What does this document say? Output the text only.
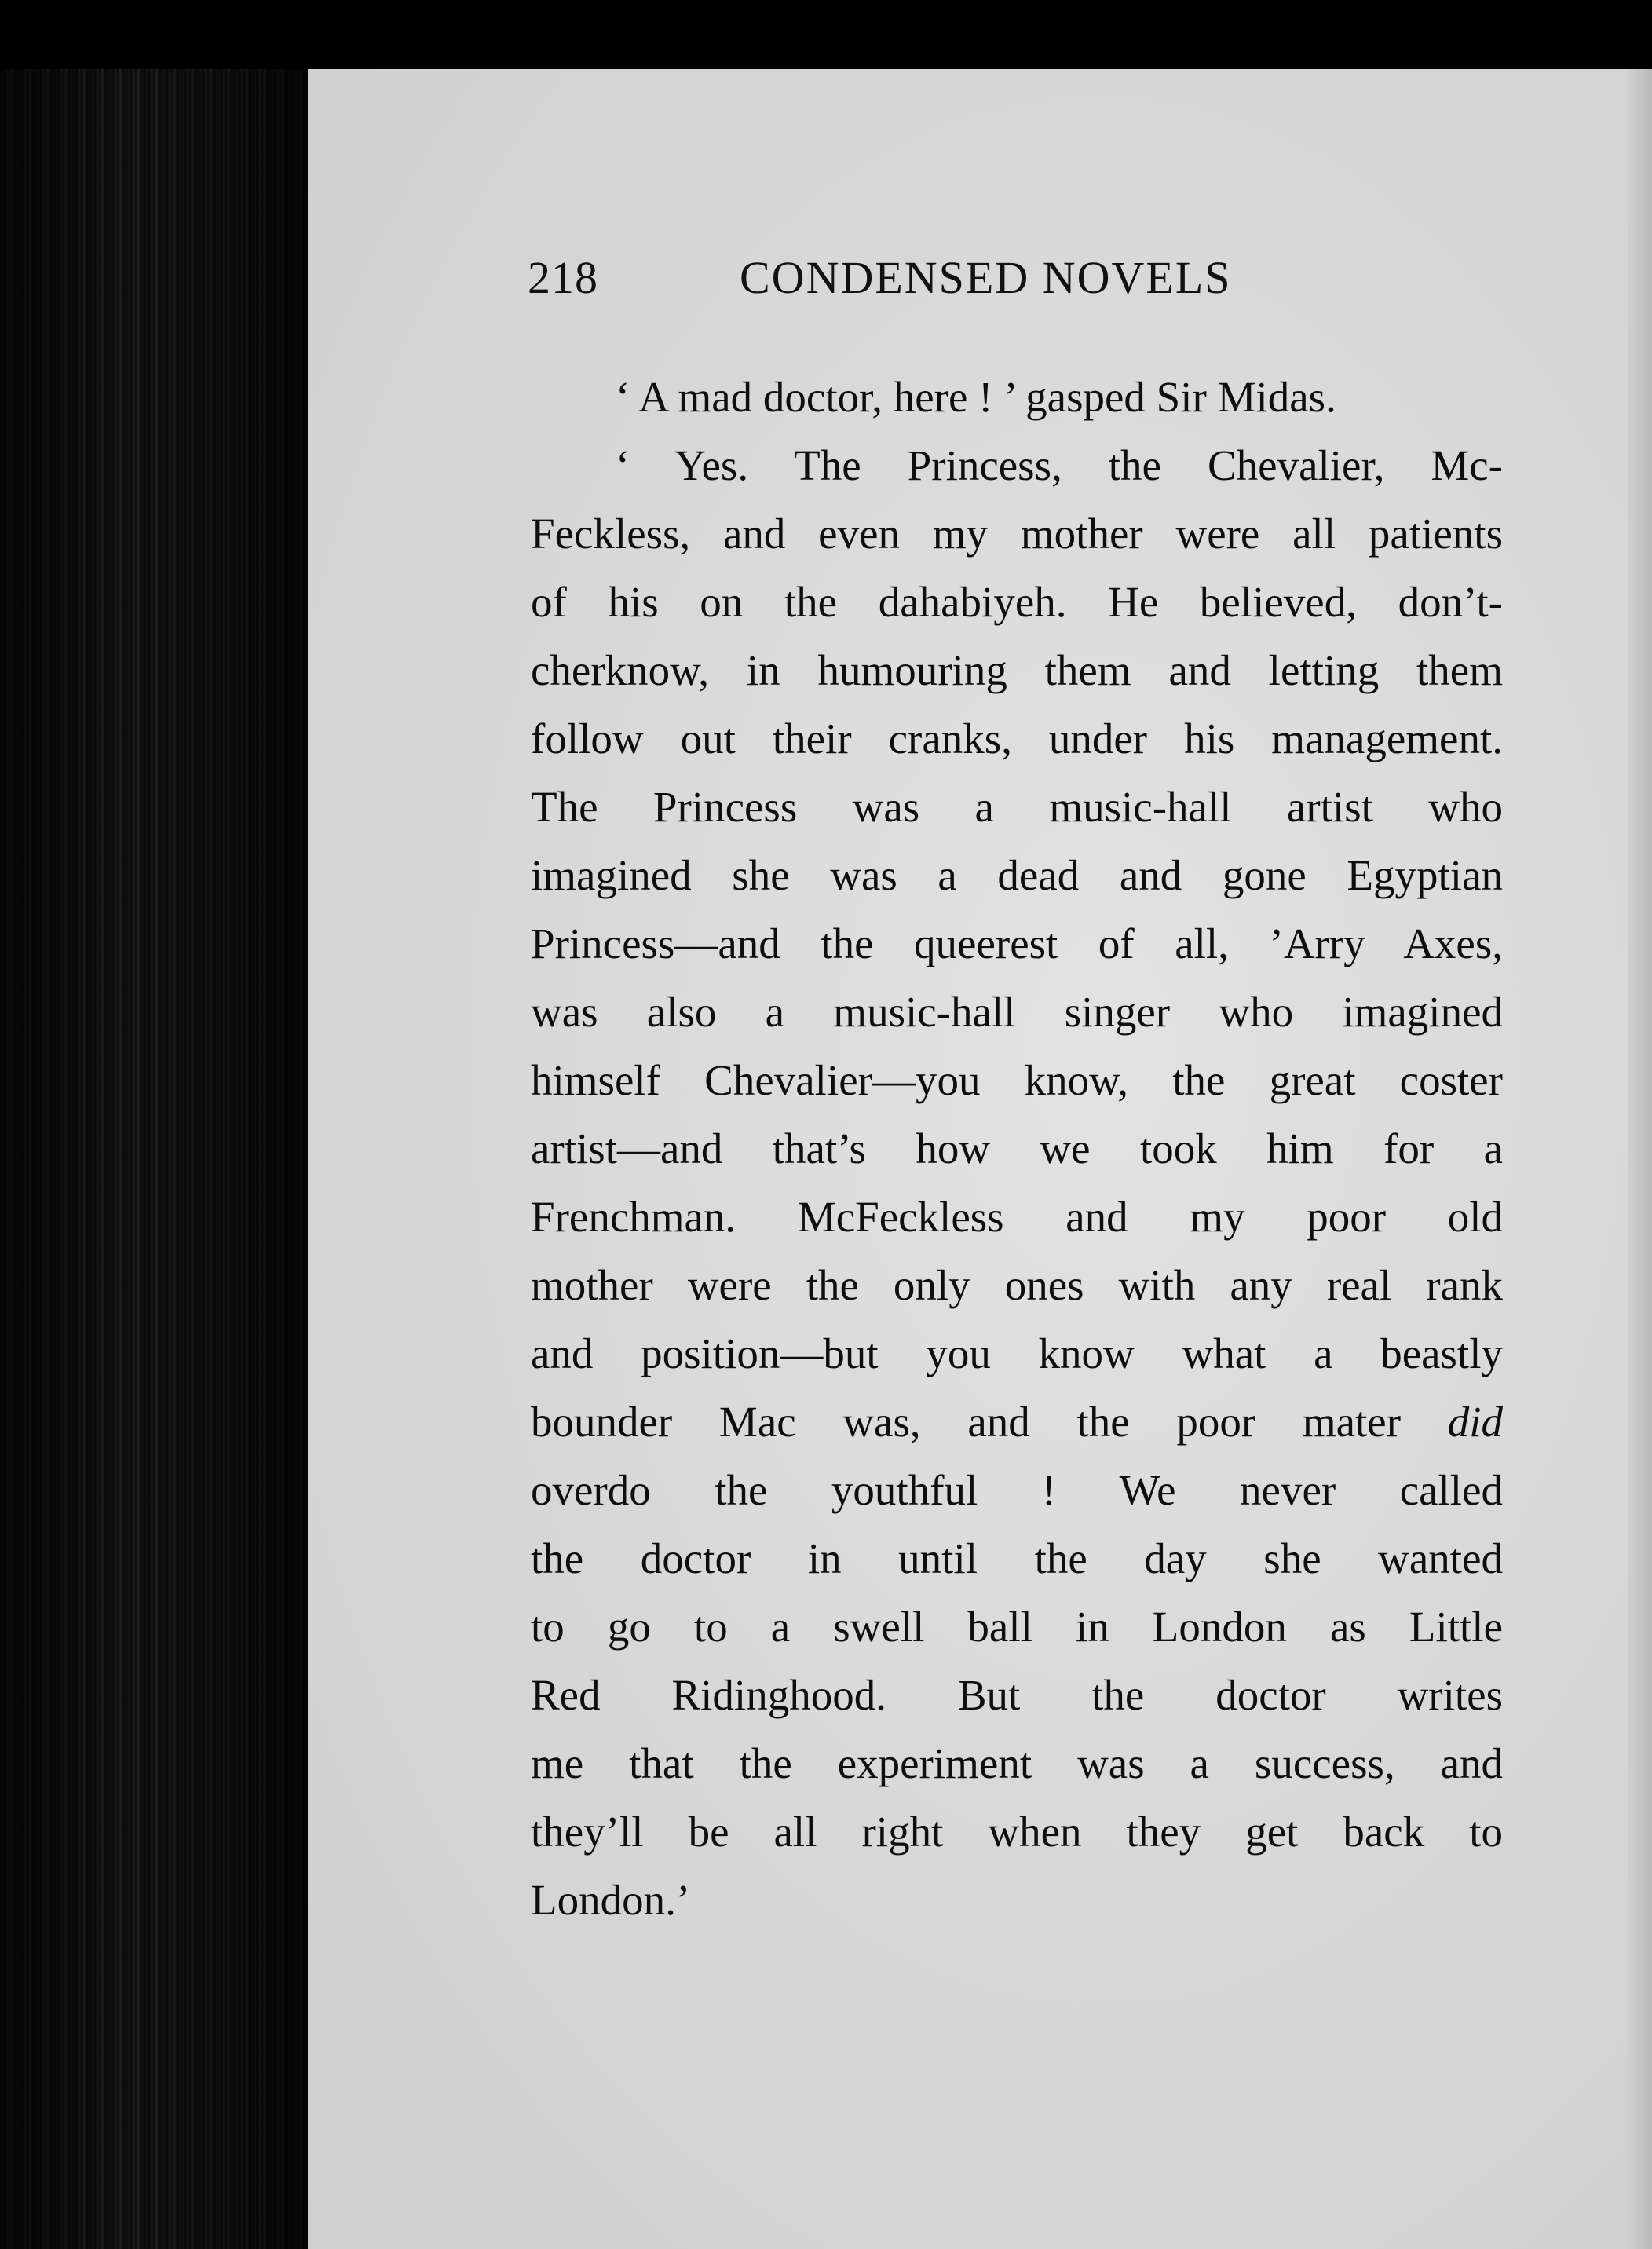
218	CONDENSED NOVELS
‘ A mad doctor, here ! ’ gasped Sir Midas.
‘ Yes. The Princess, the Chevalier, Mc-
Feckless, and even my mother were all patients
of his on the dahabiyeh. He believed, don’t-
cherknow, in humouring them and letting them
follow out their cranks, under his management.
The Princess was a music-hall artist who
imagined she was a dead and gone Egyptian
Princess—and the queerest of all, ’Arry Axes,
was also a music-hall singer who imagined
himself Chevalier—you know, the great coster
artist—and that’s how we took him for a
Frenchman. McFeckless and my poor old
mother were the only ones with any real rank
and position—but you know what a beastly
bounder Mac was, and the poor mater did
overdo the youthful ! We never called
the doctor in until the day she wanted
to go to a swell ball in London as Little
Red Ridinghood. But the doctor writes
me that the experiment was a success, and
they’ll be all right when they get back to
London.’
